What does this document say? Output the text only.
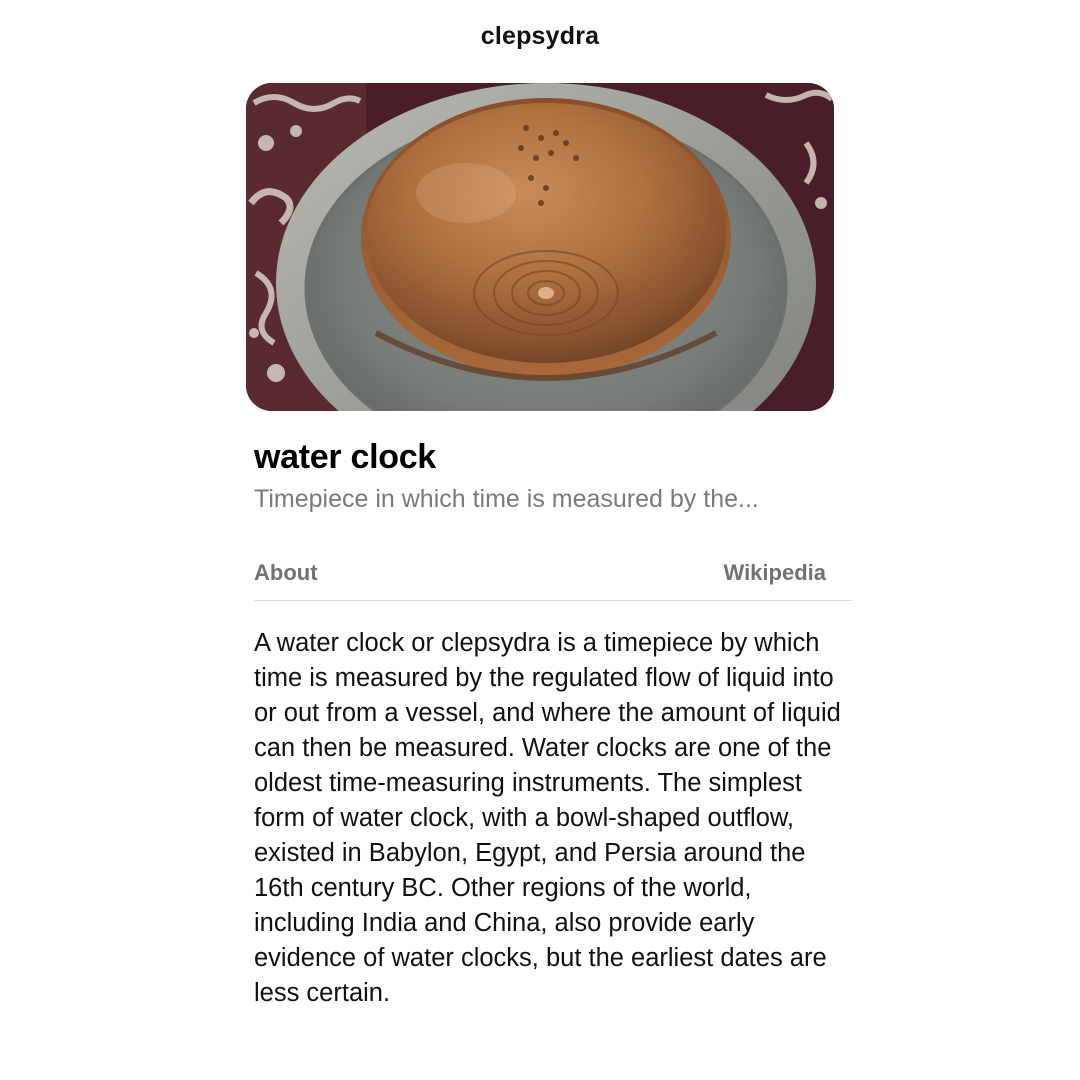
clepsydra
water clock
Timepiece in which time is measured by the...
About	Wikipedia

A water clock or clepsydra is a timepiece by which time is measured by the regulated flow of liquid into or out from a vessel, and where the amount of liquid can then be measured. Water clocks are one of the oldest time-measuring instruments. The simplest form of water clock, with a bowl-shaped outflow, existed in Babylon, Egypt, and Persia around the 16th century BC. Other regions of the world, including India and China, also provide early evidence of water clocks, but the earliest dates are less certain.
